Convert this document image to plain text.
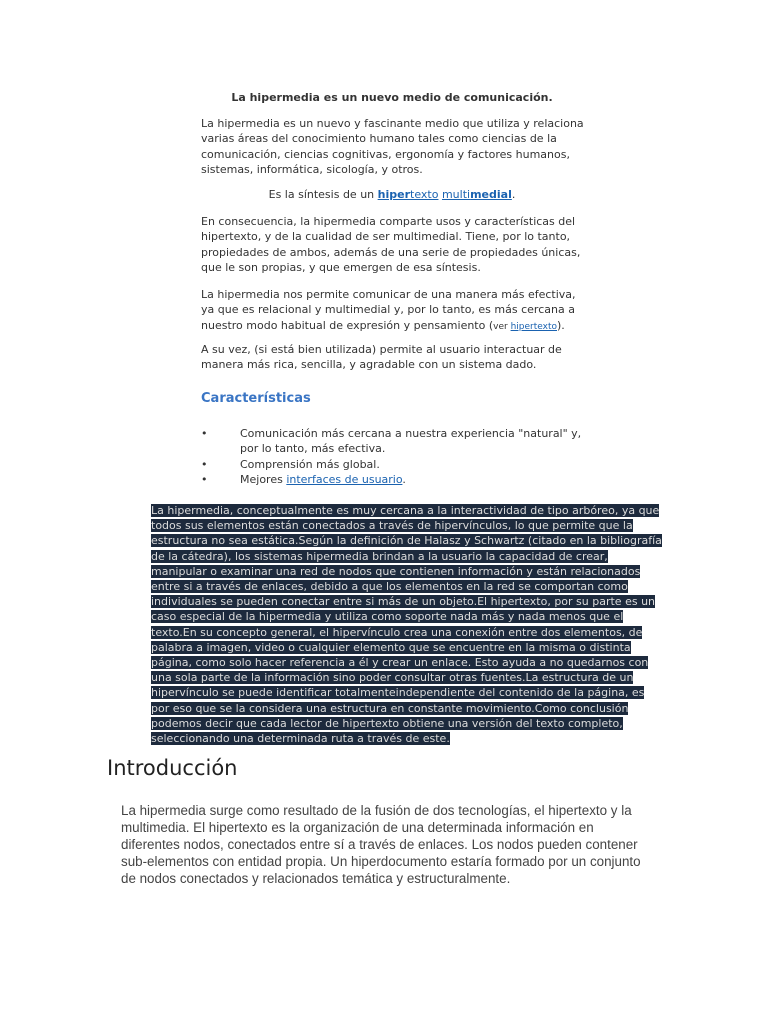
La hipermedia es un nuevo medio de comunicación.
La hipermedia es un nuevo y fascinante medio que utiliza y relaciona varias áreas del conocimiento humano tales como ciencias de la comunicación, ciencias cognitivas, ergonomía y factores humanos, sistemas, informática, sicología, y otros.
Es la síntesis de un hipertexto multimedial.
En consecuencia, la hipermedia comparte usos y características del hipertexto, y de la cualidad de ser multimedial. Tiene, por lo tanto, propiedades de ambos, además de una serie de propiedades únicas, que le son propias, y que emergen de esa síntesis.
La hipermedia nos permite comunicar de una manera más efectiva, ya que es relacional y multimedial y, por lo tanto, es más cercana a nuestro modo habitual de expresión y pensamiento (ver hipertexto).
A su vez, (si está bien utilizada) permite al usuario interactuar de manera más rica, sencilla, y agradable con un sistema dado.
Características
•	Comunicación más cercana a nuestra experiencia "natural" y, por lo tanto, más efectiva.
•	Comprensión más global.
•	Mejores interfaces de usuario.
La hipermedia, conceptualmente es muy cercana a la interactividad de tipo arbóreo, ya que todos sus elementos están conectados a través de hipervínculos, lo que permite que la estructura no sea estática.Según la definición de Halasz y Schwartz (citado en la bibliografía de la cátedra), los sistemas hipermedia brindan a la usuario la capacidad de crear, manipular o examinar una red de nodos que contienen información y están relacionados entre si a través de enlaces, debido a que los elementos en la red se comportan como individuales se pueden conectar entre si más de un objeto.El hipertexto, por su parte es un caso especial de la hipermedia y utiliza como soporte nada más y nada menos que el texto.En su concepto general, el hipervínculo crea una conexión entre dos elementos, de palabra a imagen, video o cualquier elemento que se encuentre en la misma o distinta página, como solo hacer referencia a él y crear un enlace. Esto ayuda a no quedarnos con una sola parte de la información sino poder consultar otras fuentes.La estructura de un hipervínculo se puede identificar totalmenteindependiente del contenido de la página, es por eso que se la considera una estructura en constante movimiento.Como conclusión podemos decir que cada lector de hipertexto obtiene una versión del texto completo, seleccionando una determinada ruta a través de este.
Introducción
La hipermedia surge como resultado de la fusión de dos tecnologías, el hipertexto y la multimedia. El hipertexto es la organización de una determinada información en diferentes nodos, conectados entre sí a través de enlaces. Los nodos pueden contener sub-elementos con entidad propia. Un hiperdocumento estaría formado por un conjunto de nodos conectados y relacionados temática y estructuralmente.
